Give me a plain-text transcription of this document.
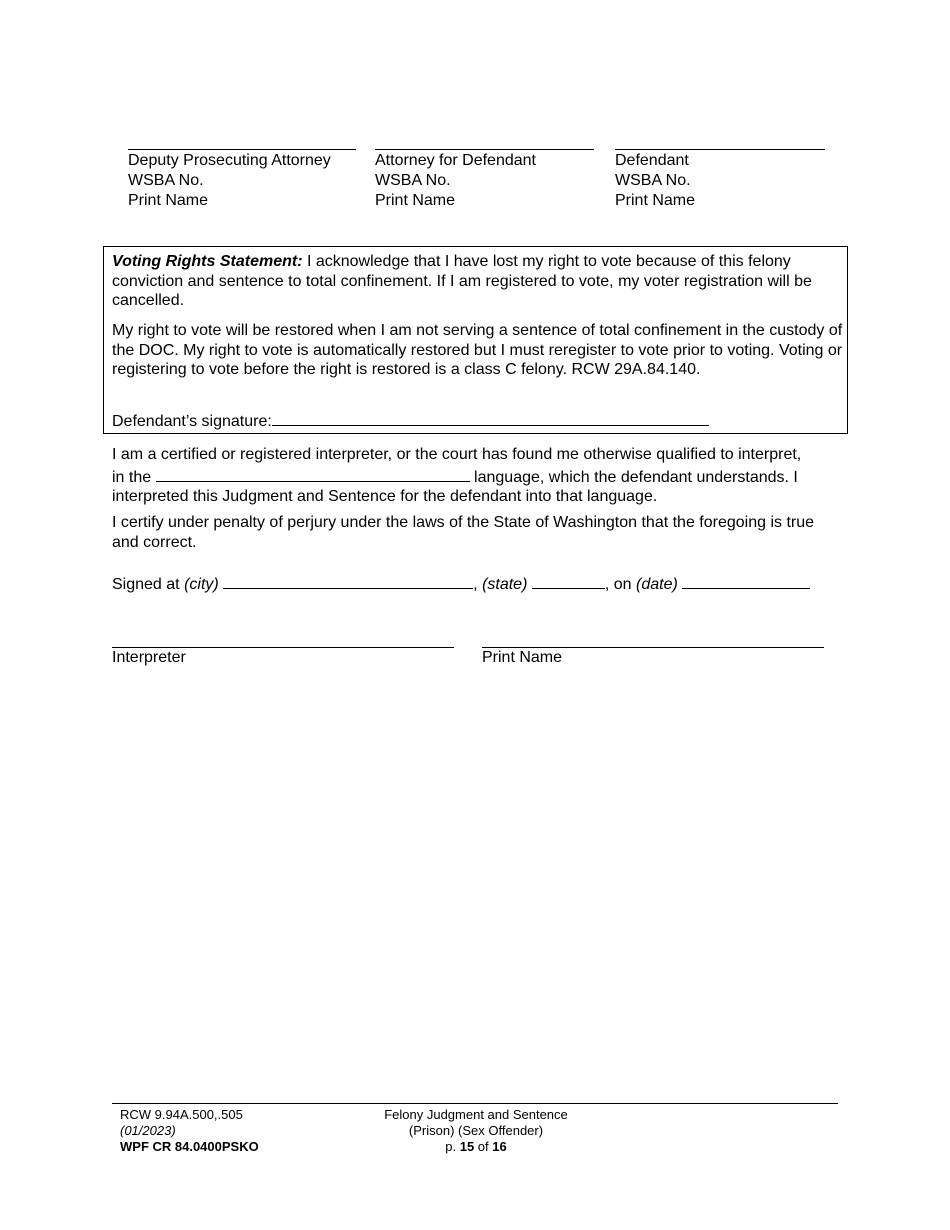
Deputy Prosecuting Attorney
WSBA No.
Print Name
Attorney for Defendant
WSBA No.
Print Name
Defendant
WSBA No.
Print Name
Voting Rights Statement: I acknowledge that I have lost my right to vote because of this felony conviction and sentence to total confinement. If I am registered to vote, my voter registration will be cancelled.
My right to vote will be restored when I am not serving a sentence of total confinement in the custody of the DOC. My right to vote is automatically restored but I must reregister to vote prior to voting. Voting or registering to vote before the right is restored is a class C felony. RCW 29A.84.140.
Defendant’s signature:
I am a certified or registered interpreter, or the court has found me otherwise qualified to interpret, in the	language, which the defendant understands. I interpreted this Judgment and Sentence for the defendant into that language.
I certify under penalty of perjury under the laws of the State of Washington that the foregoing is true and correct.
Signed at (city)	, (state)	, on (date)
Interpreter	Print Name
RCW 9.94A.500,.505
(01/2023)
WPF CR 84.0400PSKO
Felony Judgment and Sentence
(Prison) (Sex Offender)
p. 15 of 16
